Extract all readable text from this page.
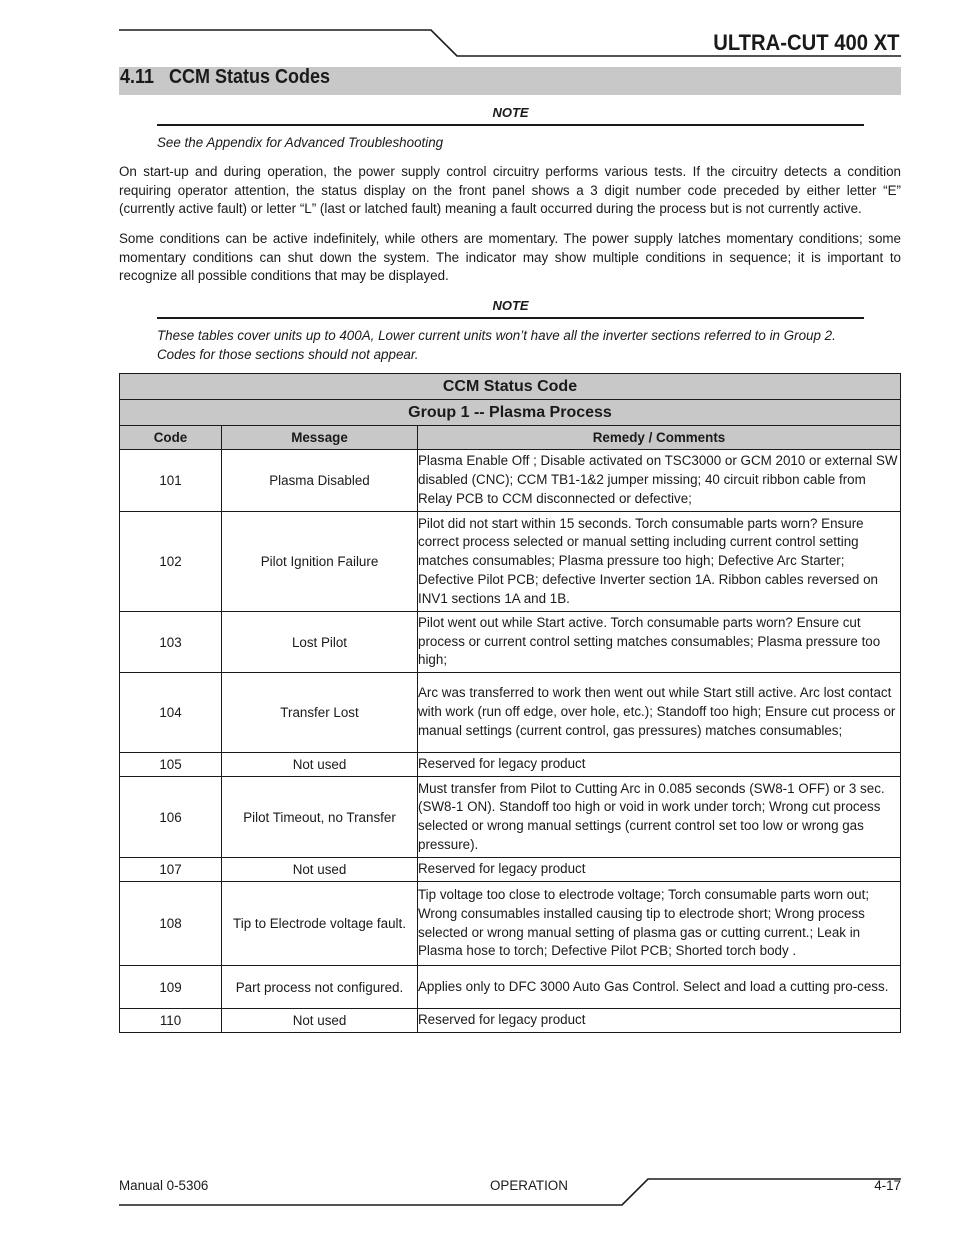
ULTRA-CUT 400 XT
4.11 CCM Status Codes
NOTE
See the Appendix for Advanced Troubleshooting
On start-up and during operation, the power supply control circuitry performs various tests. If the circuitry detects a condition requiring operator attention, the status display on the front panel shows a 3 digit number code preceded by either letter “E” (currently active fault) or letter “L” (last or latched fault) meaning a fault occurred during the process but is not currently active.
Some conditions can be active indefinitely, while others are momentary. The power supply latches momentary conditions; some momentary conditions can shut down the system. The indicator may show multiple conditions in sequence; it is important to recognize all possible conditions that may be displayed.
NOTE
These tables cover units up to 400A, Lower current units won’t have all the inverter sections referred to in Group 2. Codes for those sections should not appear.
CCM Status Code		
Group 1 -- Plasma Process		
Code	Message	Remedy / Comments
101	Plasma Disabled	Plasma Enable Off ; Disable activated on TSC3000 or GCM 2010 or external SW disabled (CNC); CCM TB1-1&2 jumper missing; 40 circuit ribbon cable from Relay PCB to CCM disconnected or defective;
102	Pilot Ignition Failure	Pilot did not start within 15 seconds. Torch consumable parts worn? Ensure correct process selected or manual setting including current control setting matches consumables; Plasma pressure too high; Defective Arc Starter; Defective Pilot PCB; defective Inverter section 1A. Ribbon cables reversed on INV1 sections 1A and 1B.
103	Lost Pilot	Pilot went out while Start active. Torch consumable parts worn? Ensure cut process or current control setting matches consumables; Plasma pressure too high;
104	Transfer Lost	Arc was transferred to work then went out while Start still active. Arc lost contact with work (run off edge, over hole, etc.); Standoff too high; Ensure cut process or manual settings (current control, gas pressures) matches consumables;
105	Not used	Reserved for legacy product
106	Pilot Timeout, no Transfer	Must transfer from Pilot to Cutting Arc in 0.085 seconds (SW8-1 OFF) or 3 sec. (SW8-1 ON). Standoff too high or void in work under torch; Wrong cut process selected or wrong manual settings (current control set too low or wrong gas pressure).
107	Not used	Reserved for legacy product
108	Tip to Electrode voltage fault.	Tip voltage too close to electrode voltage; Torch consumable parts worn out; Wrong consumables installed causing tip to electrode short; Wrong process selected or wrong manual setting of plasma gas or cutting current.; Leak in Plasma hose to torch; Defective Pilot PCB; Shorted torch body .
109	Part process not configured.	Applies only to DFC 3000 Auto Gas Control. Select and load a cutting pro-cess.
110	Not used	Reserved for legacy product
Manual 0-5306	OPERATION	4-17
